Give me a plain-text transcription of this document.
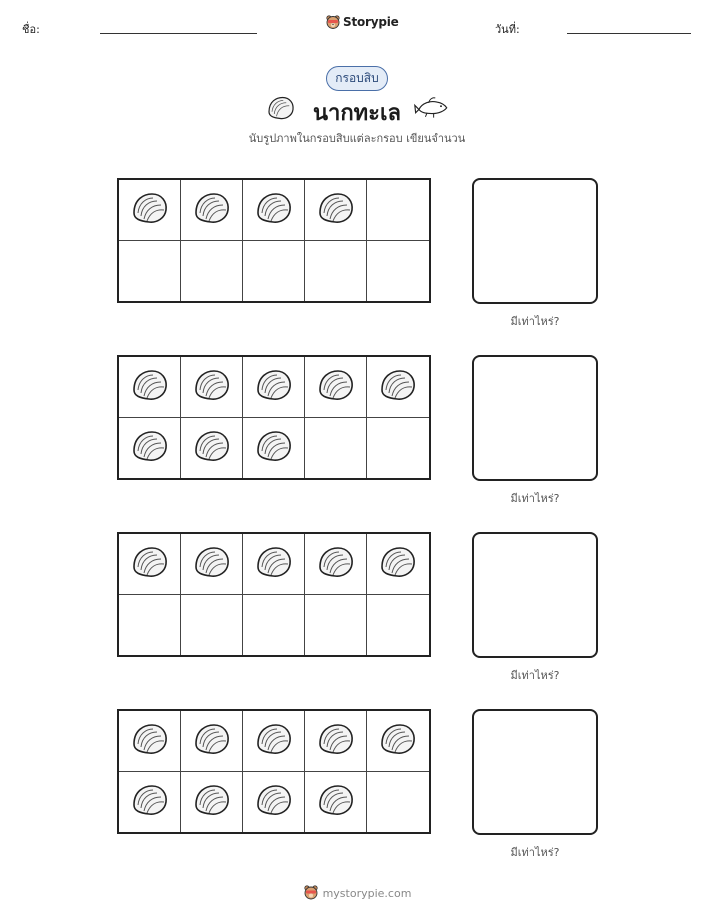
ชื่อ:	วันที่:
Storypie
กรอบสิบ
นากทะเล
นับรูปภาพในกรอบสิบแต่ละกรอบ เขียนจำนวน
มีเท่าไหร่?
มีเท่าไหร่?
มีเท่าไหร่?
มีเท่าไหร่?
mystorypie.com
